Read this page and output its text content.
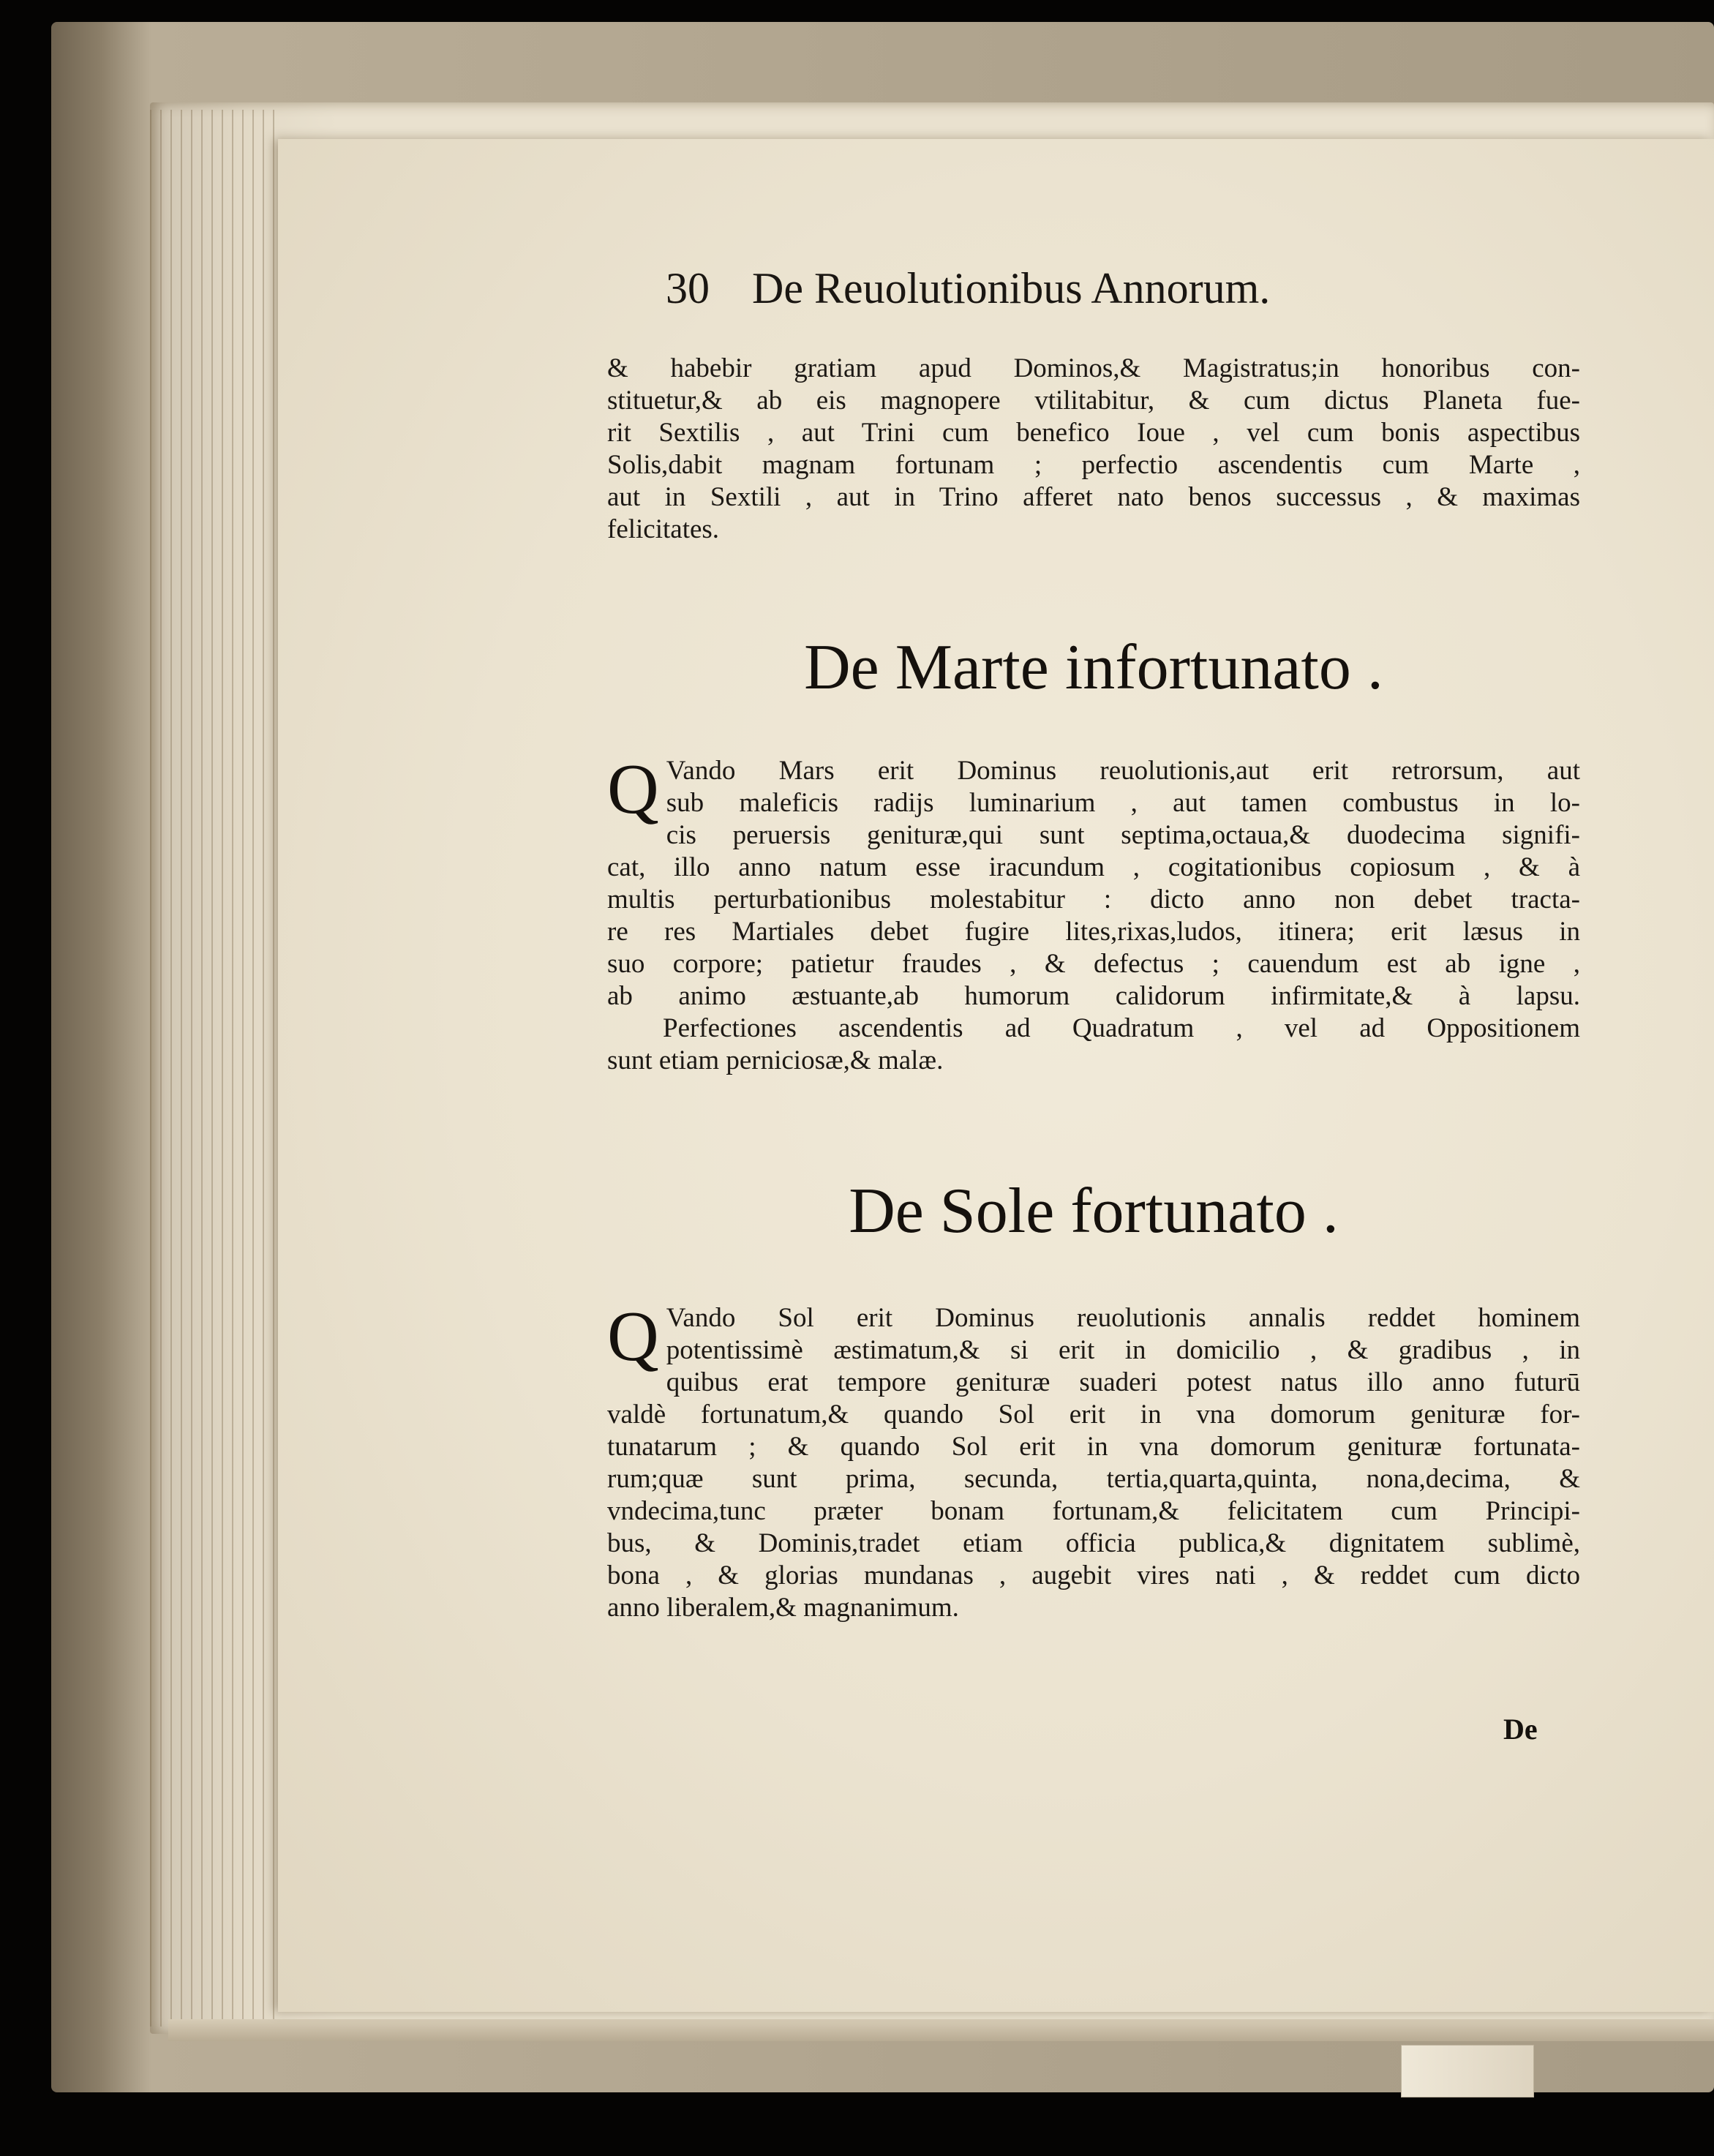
30 De Reuolutionibus Annorum.
& habebir gratiam apud Dominos,& Magistratus;in honoribus con-
stituetur,& ab eis magnopere vtilitabitur, & cum dictus Planeta fue-
rit Sextilis , aut Trini cum benefico Ioue , vel cum bonis aspectibus
Solis,dabit magnam fortunam ; perfectio ascendentis cum Marte ,
aut in Sextili , aut in Trino afferet nato benos successus , & maximas
felicitates.
De Marte infortunato .
Q Vando Mars erit Dominus reuolutionis,aut erit retrorsum, aut
sub maleficis radijs luminarium , aut tamen combustus in lo-
cis peruersis genituræ,qui sunt septima,octaua,& duodecima signifi-
cat, illo anno natum esse iracundum , cogitationibus copiosum , & à
multis perturbationibus molestabitur : dicto anno non debet tracta-
re res Martiales debet fugire lites,rixas,ludos, itinera; erit læsus in
suo corpore; patietur fraudes , & defectus ; cauendum est ab igne ,
ab animo æstuante,ab humorum calidorum infirmitate,& à lapsu.
Perfectiones ascendentis ad Quadratum , vel ad Oppositionem
sunt etiam perniciosæ,& malæ.
De Sole fortunato .
Q Vando Sol erit Dominus reuolutionis annalis reddet hominem
potentissimè æstimatum,& si erit in domicilio , & gradibus , in
quibus erat tempore genituræ suaderi potest natus illo anno futurū
valdè fortunatum,& quando Sol erit in vna domorum genituræ for-
tunatarum ; & quando Sol erit in vna domorum genituræ fortunata-
rum;quæ sunt prima, secunda, tertia,quarta,quinta, nona,decima, &
vndecima,tunc præter bonam fortunam,& felicitatem cum Principi-
bus, & Dominis,tradet etiam officia publica,& dignitatem sublimè,
bona , & glorias mundanas , augebit vires nati , & reddet cum dicto
anno liberalem,& magnanimum.
De
